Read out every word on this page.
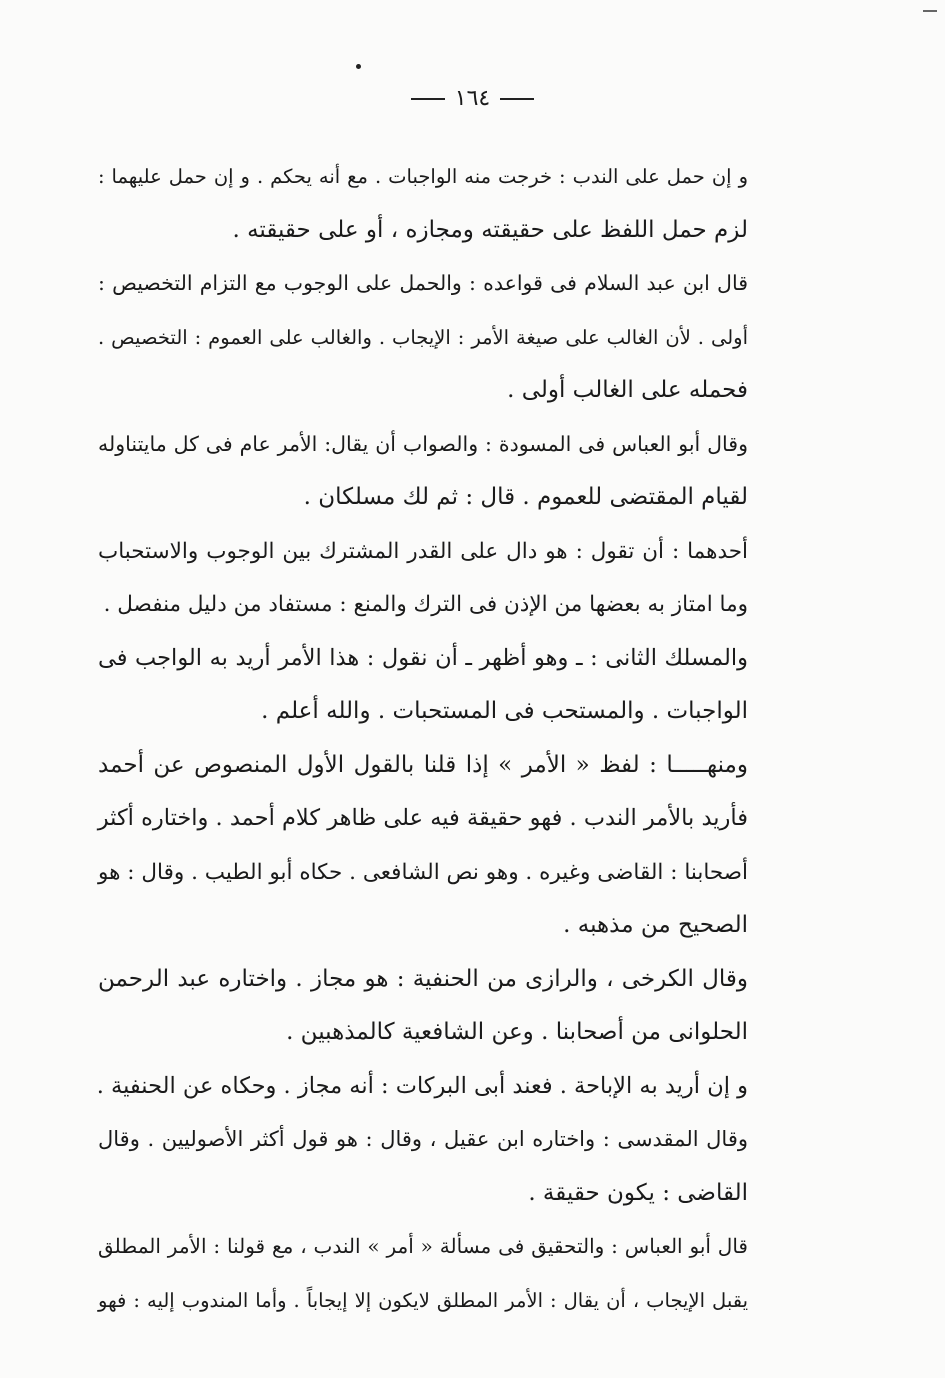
١٦٤
و إن حمل على الندب : خرجت منه الواجبات . مع أنه يحكم . و إن حمل عليهما :
لزم حمل اللفظ على حقيقته ومجازه ، أو على حقيقته .
قال ابن عبد السلام فى قواعده : والحمل على الوجوب مع التزام التخصيص :
أولى . لأن الغالب على صيغة الأمر : الإيجاب . والغالب على العموم : التخصيص .
فحمله على الغالب أولى .
وقال أبو العباس فى المسودة : والصواب أن يقال: الأمر عام فى كل مايتناوله
لقيام المقتضى للعموم . قال : ثم لك مسلكان .
أحدهما : أن تقول : هو دال على القدر المشترك بين الوجوب والاستحباب
وما امتاز به بعضها من الإذن فى الترك والمنع : مستفاد من دليل منفصل .
والمسلك الثانى : ـ وهو أظهر ـ أن نقول : هذا الأمر أريد به الواجب فى
الواجبات . والمستحب فى المستحبات . والله أعلم .
ومنهـــــا : لفظ « الأمر » إذا قلنا بالقول الأول المنصوص عن أحمد
فأريد بالأمر الندب . فهو حقيقة فيه على ظاهر كلام أحمد . واختاره أكثر
أصحابنا : القاضى وغيره . وهو نص الشافعى . حكاه أبو الطيب . وقال : هو
الصحيح من مذهبه .
وقال الكرخى ، والرازى من الحنفية : هو مجاز . واختاره عبد الرحمن
الحلوانى من أصحابنا . وعن الشافعية كالمذهبين .
و إن أريد به الإباحة . فعند أبى البركات : أنه مجاز . وحكاه عن الحنفية .
وقال المقدسى : واختاره ابن عقيل ، وقال : هو قول أكثر الأصوليين . وقال
القاضى : يكون حقيقة .
قال أبو العباس : والتحقيق فى مسألة « أمر » الندب ، مع قولنا : الأمر المطلق
يقبل الإيجاب ، أن يقال : الأمر المطلق لايكون إلا إيجاباً . وأما المندوب إليه : فهو
